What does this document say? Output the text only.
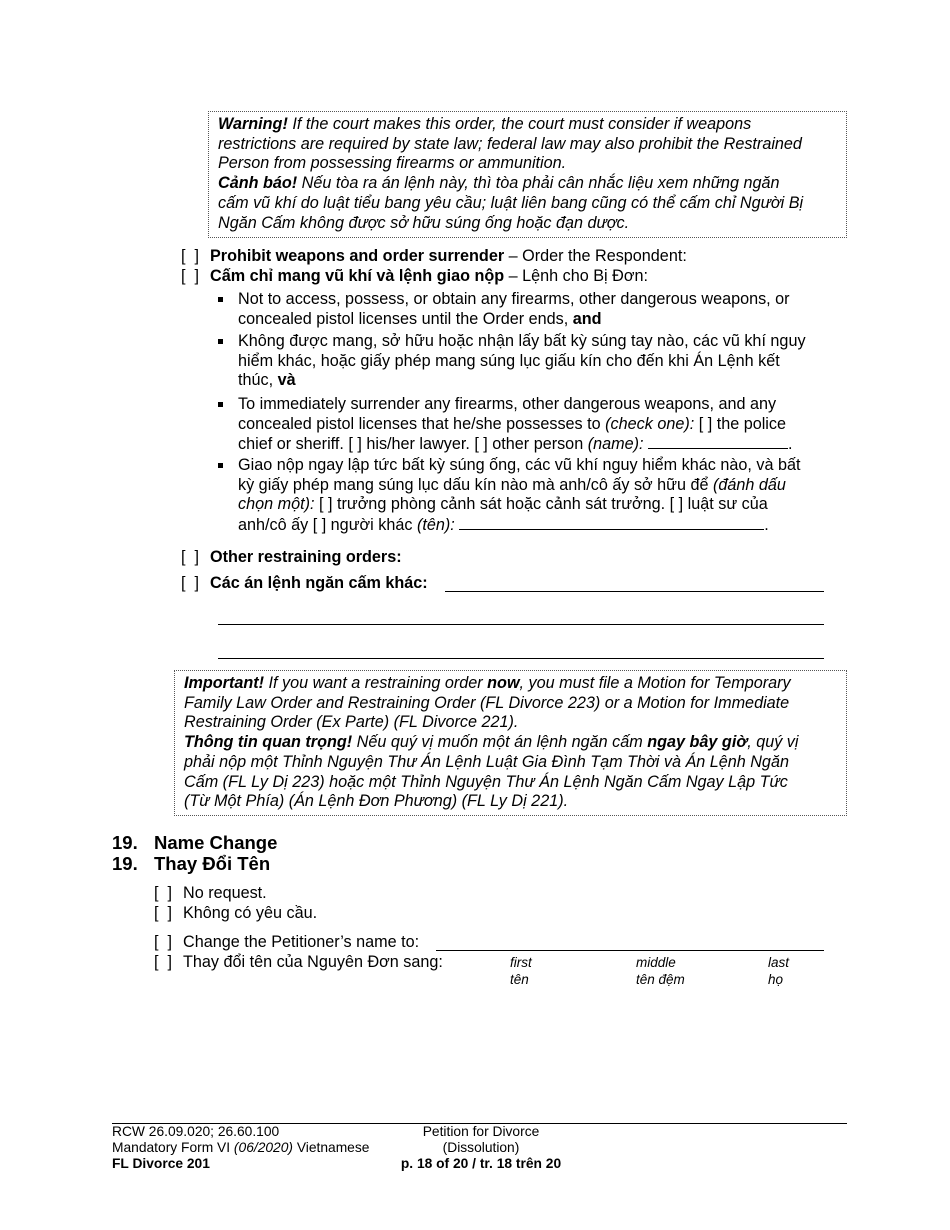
Warning! If the court makes this order, the court must consider if weapons
restrictions are required by state law; federal law may also prohibit the Restrained
Person from possessing firearms or ammunition.
Cảnh báo! Nếu tòa ra án lệnh này, thì tòa phải cân nhắc liệu xem những ngăn
cấm vũ khí do luật tiểu bang yêu cầu; luật liên bang cũng có thể cấm chỉ Người Bị
Ngăn Cấm không được sở hữu súng ống hoặc đạn dược.
[  ] Prohibit weapons and order surrender – Order the Respondent:
[  ] Cấm chỉ mang vũ khí và lệnh giao nộp – Lệnh cho Bị Đơn:
Not to access, possess, or obtain any firearms, other dangerous weapons, or
concealed pistol licenses until the Order ends, and
Không được mang, sở hữu hoặc nhận lấy bất kỳ súng tay nào, các vũ khí nguy
hiểm khác, hoặc giấy phép mang súng lục giấu kín cho đến khi Án Lệnh kết
thúc, và
To immediately surrender any firearms, other dangerous weapons, and any
concealed pistol licenses that he/she possesses to (check one): [ ] the police
chief or sheriff. [ ] his/her lawyer. [ ] other person (name):	.
Giao nộp ngay lập tức bất kỳ súng ống, các vũ khí nguy hiểm khác nào, và bất
kỳ giấy phép mang súng lục dấu kín nào mà anh/cô ấy sở hữu để (đánh dấu
chọn một): [ ] trưởng phòng cảnh sát hoặc cảnh sát trưởng. [ ] luật sư của
anh/cô ấy [ ] người khác (tên):	.
[  ] Other restraining orders:
[  ] Các án lệnh ngăn cấm khác:
Important! If you want a restraining order now, you must file a Motion for Temporary
Family Law Order and Restraining Order (FL Divorce 223) or a Motion for Immediate
Restraining Order (Ex Parte) (FL Divorce 221).
Thông tin quan trọng! Nếu quý vị muốn một án lệnh ngăn cấm ngay bây giờ, quý vị
phải nộp một Thỉnh Nguyện Thư Án Lệnh Luật Gia Đình Tạm Thời và Án Lệnh Ngăn
Cấm (FL Ly Dị 223) hoặc một Thỉnh Nguyện Thư Án Lệnh Ngăn Cấm Ngay Lập Tức
(Từ Một Phía) (Án Lệnh Đơn Phương) (FL Ly Dị 221).
19. Name Change
19. Thay Đổi Tên
[  ] No request.
[  ] Không có yêu cầu.
[  ] Change the Petitioner’s name to:
[  ] Thay đổi tên của Nguyên Đơn sang:	first
tên
middle
tên đệm
last
họ
RCW 26.09.020; 26.60.100
Mandatory Form VI (06/2020) Vietnamese
FL Divorce 201
Petition for Divorce
(Dissolution)
p. 18 of 20 / tr. 18 trên 20
